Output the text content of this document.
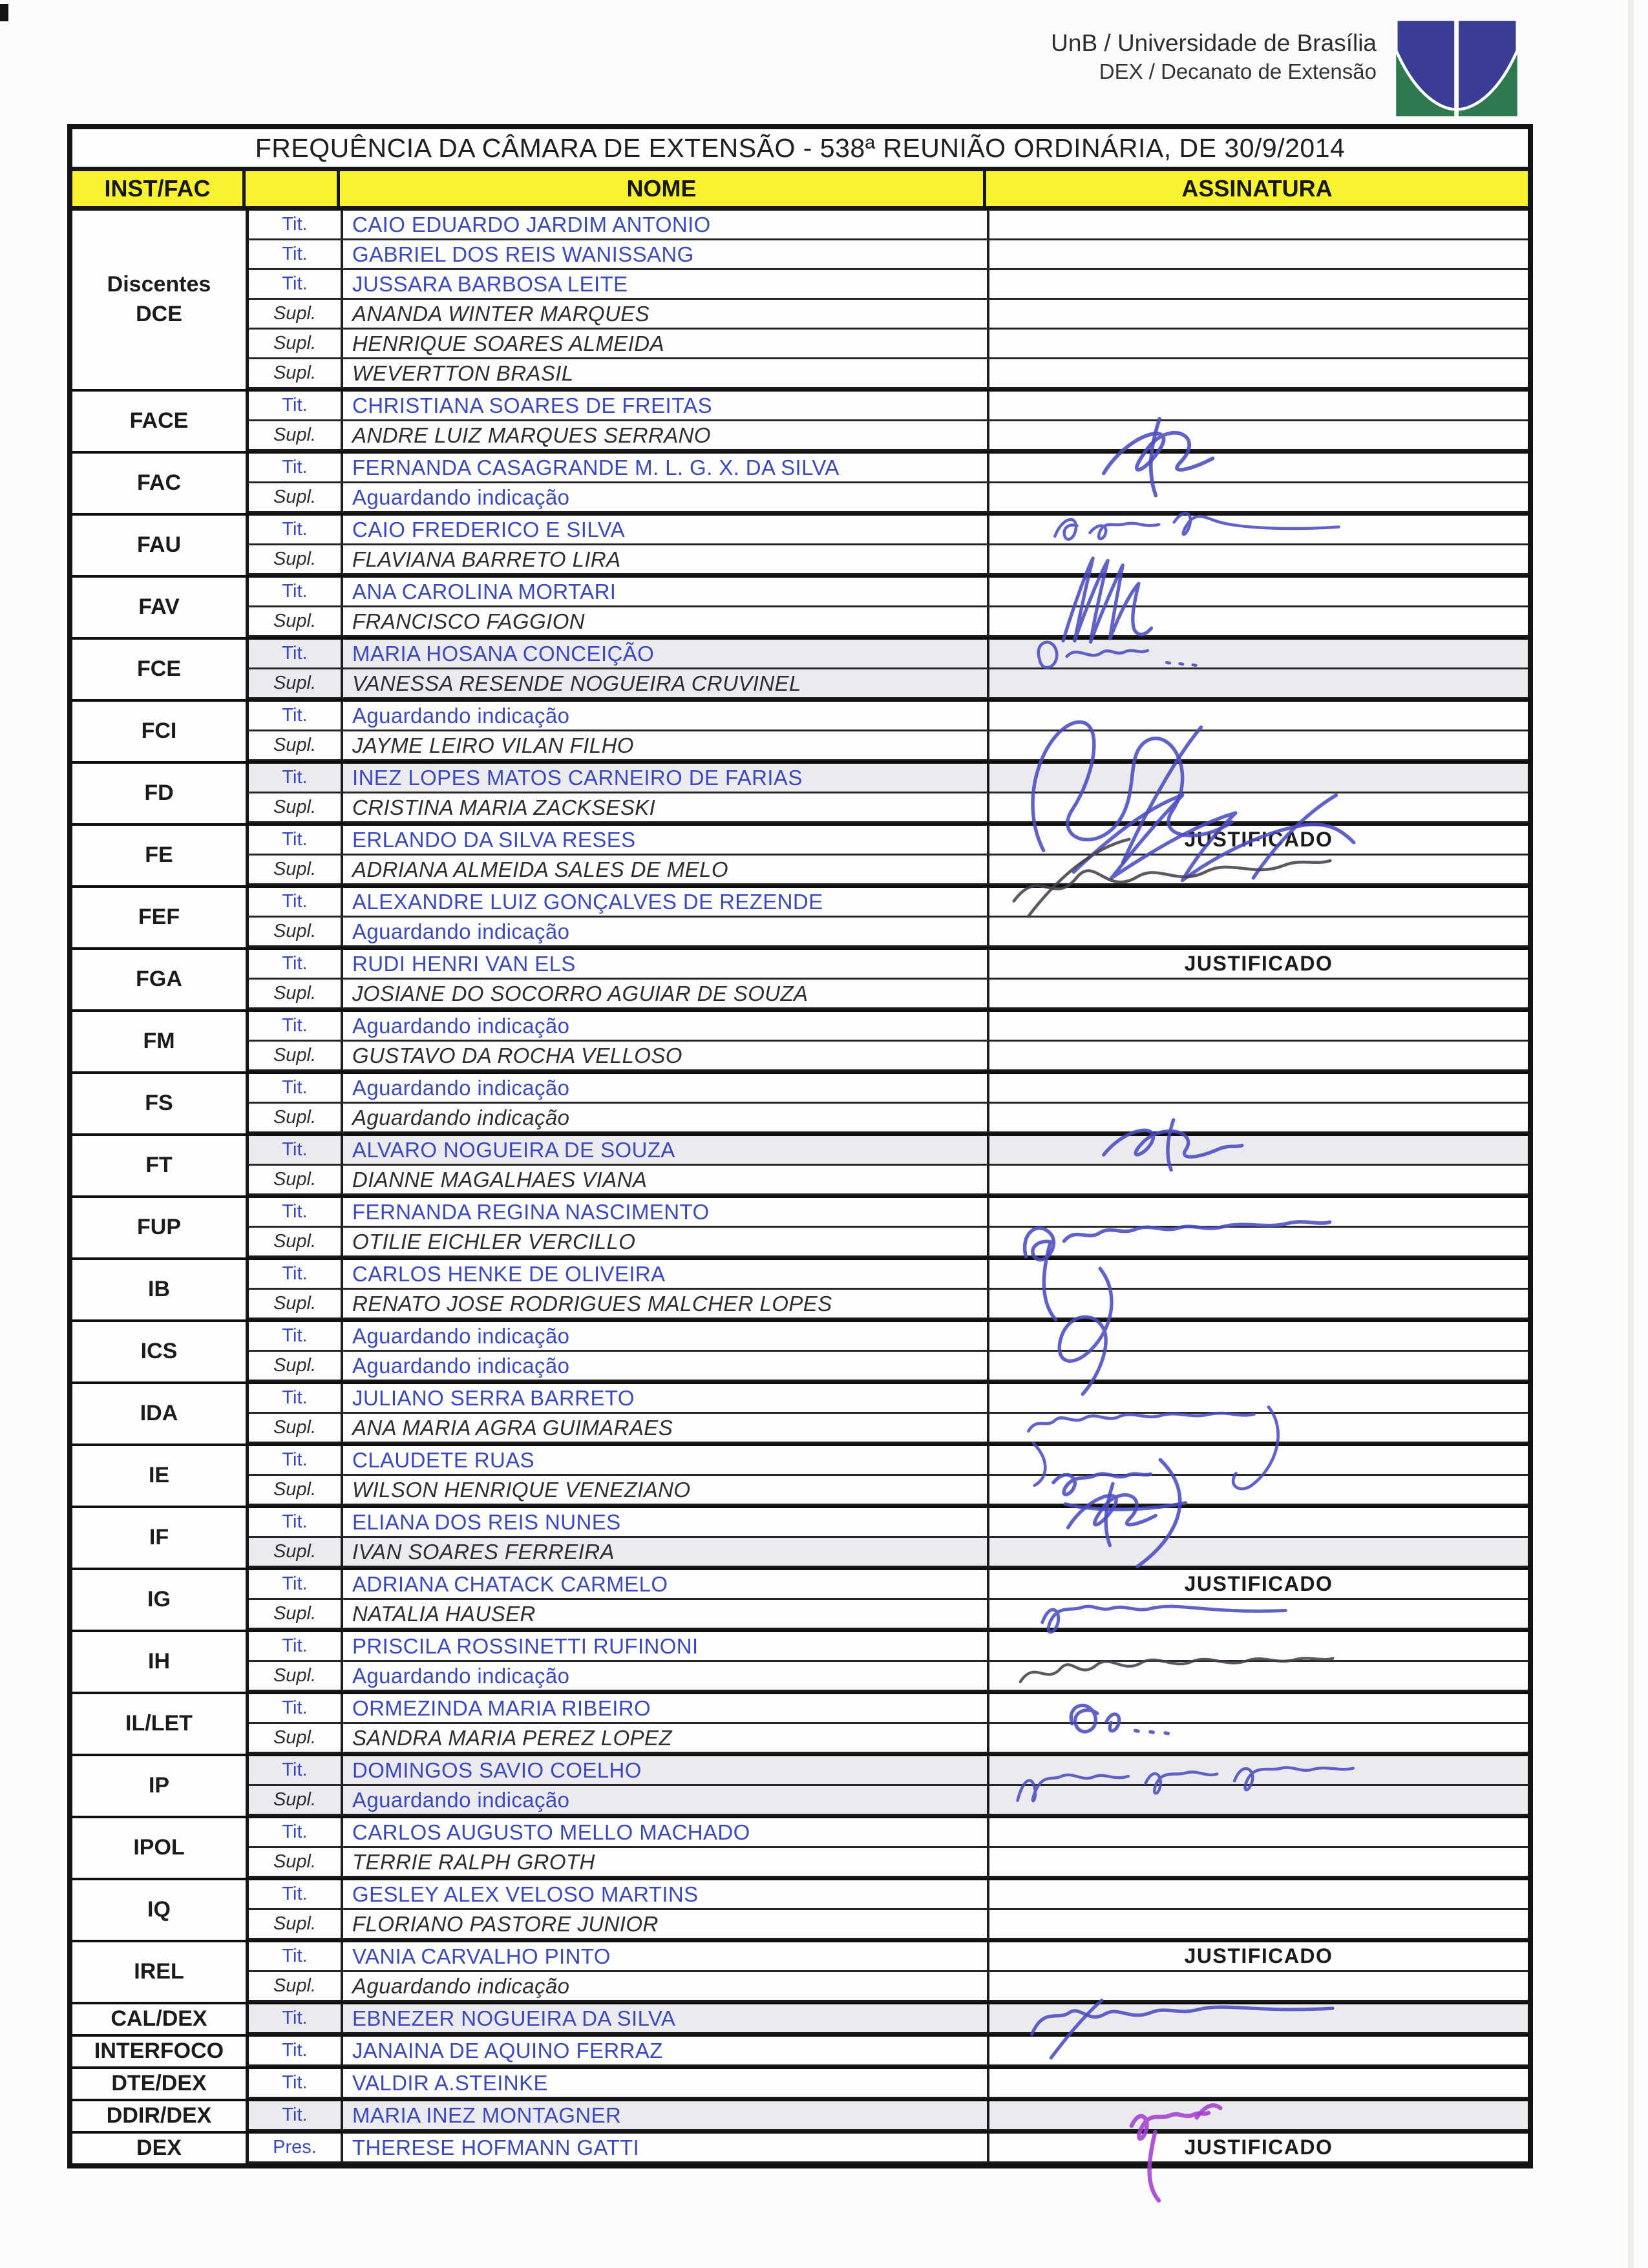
UnB / Universidade de Brasília
DEX / Decanato de Extensão
FREQUÊNCIA DA CÂMARA DE EXTENSÃO - 538ª REUNIÃO ORDINÁRIA, DE 30/9/2014
INST/FAC	NOME	ASSINATURA
Discentes
DCE
Tit.	CAIO EDUARDO JARDIM ANTONIO
Tit.	GABRIEL DOS REIS WANISSANG
Tit.	JUSSARA BARBOSA LEITE
Supl.	ANANDA WINTER MARQUES
Supl.	HENRIQUE SOARES ALMEIDA
Supl.	WEVERTTON BRASIL
FACE
Tit.	CHRISTIANA SOARES DE FREITAS
Supl.	ANDRE LUIZ MARQUES SERRANO
FAC
Tit.	FERNANDA CASAGRANDE M. L. G. X. DA SILVA
Supl.	Aguardando indicação
FAU
Tit.	CAIO FREDERICO E SILVA
Supl.	FLAVIANA BARRETO LIRA
FAV
Tit.	ANA CAROLINA MORTARI
Supl.	FRANCISCO FAGGION
FCE
Tit.	MARIA HOSANA CONCEIÇÃO
Supl.	VANESSA RESENDE NOGUEIRA CRUVINEL
FCI
Tit.	Aguardando indicação
Supl.	JAYME LEIRO VILAN FILHO
FD
Tit.	INEZ LOPES MATOS CARNEIRO DE FARIAS
Supl.	CRISTINA MARIA ZACKSESKI
FE
Tit.	ERLANDO DA SILVA RESES	JUSTIFICADO
Supl.	ADRIANA ALMEIDA SALES DE MELO
FEF
Tit.	ALEXANDRE LUIZ GONÇALVES DE REZENDE
Supl.	Aguardando indicação
FGA
Tit.	RUDI HENRI VAN ELS	JUSTIFICADO
Supl.	JOSIANE DO SOCORRO AGUIAR DE SOUZA
FM
Tit.	Aguardando indicação
Supl.	GUSTAVO DA ROCHA VELLOSO
FS
Tit.	Aguardando indicação
Supl.	Aguardando indicação
FT
Tit.	ALVARO NOGUEIRA DE SOUZA
Supl.	DIANNE MAGALHAES VIANA
FUP
Tit.	FERNANDA REGINA NASCIMENTO
Supl.	OTILIE EICHLER VERCILLO
IB
Tit.	CARLOS HENKE DE OLIVEIRA
Supl.	RENATO JOSE RODRIGUES MALCHER LOPES
ICS
Tit.	Aguardando indicação
Supl.	Aguardando indicação
IDA
Tit.	JULIANO SERRA BARRETO
Supl.	ANA MARIA AGRA GUIMARAES
IE
Tit.	CLAUDETE RUAS
Supl.	WILSON HENRIQUE VENEZIANO
IF
Tit.	ELIANA DOS REIS NUNES
Supl.	IVAN SOARES FERREIRA
IG
Tit.	ADRIANA CHATACK CARMELO	JUSTIFICADO
Supl.	NATALIA HAUSER
IH
Tit.	PRISCILA ROSSINETTI RUFINONI
Supl.	Aguardando indicação
IL/LET
Tit.	ORMEZINDA MARIA RIBEIRO
Supl.	SANDRA MARIA PEREZ LOPEZ
IP
Tit.	DOMINGOS SAVIO COELHO
Supl.	Aguardando indicação
IPOL
Tit.	CARLOS AUGUSTO MELLO MACHADO
Supl.	TERRIE RALPH GROTH
IQ
Tit.	GESLEY ALEX VELOSO MARTINS
Supl.	FLORIANO PASTORE JUNIOR
IREL
Tit.	VANIA CARVALHO PINTO	JUSTIFICADO
Supl.	Aguardando indicação
CAL/DEX	Tit.	EBNEZER NOGUEIRA DA SILVA
INTERFOCO	Tit.	JANAINA DE AQUINO FERRAZ
DTE/DEX	Tit.	VALDIR A.STEINKE
DDIR/DEX	Tit.	MARIA INEZ MONTAGNER
DEX	Pres.	THERESE HOFMANN GATTI	JUSTIFICADO
